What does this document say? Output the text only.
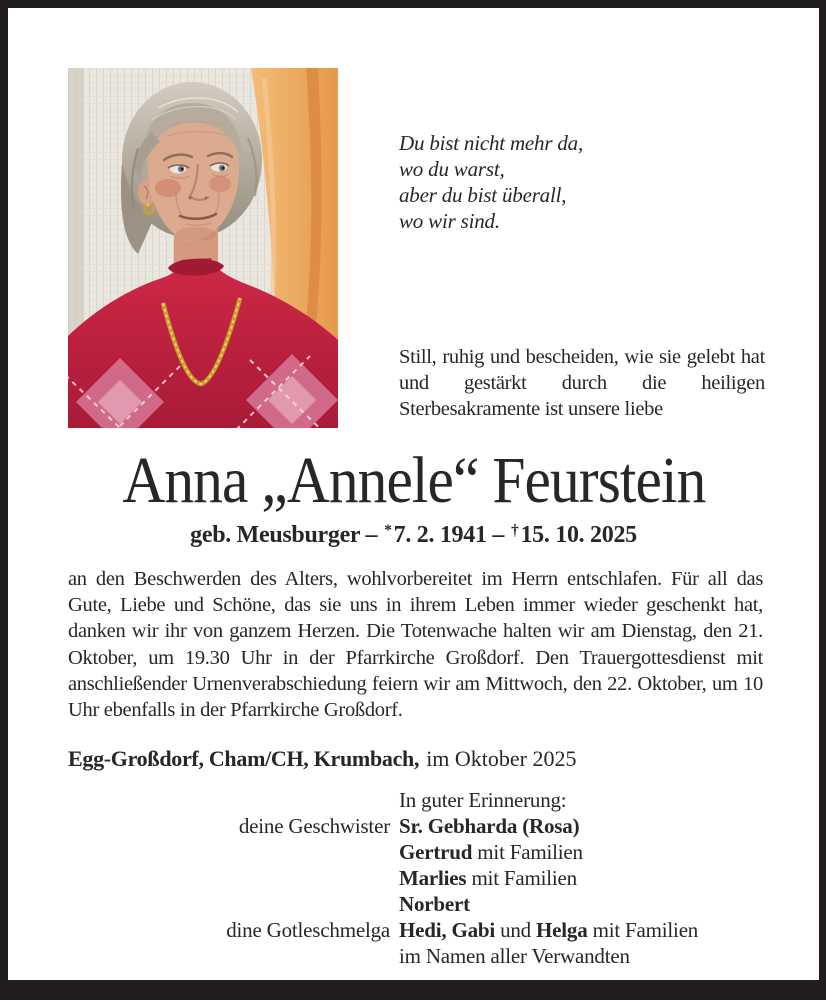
Du bist nicht mehr da,
wo du warst,
aber du bist überall,
wo wir sind.
Still, ruhig und bescheiden, wie sie gelebt hat und gestärkt durch die heiligen Sterbesakramente ist unsere liebe
Anna „Annele“ Feurstein
geb. Meusburger – *7. 2. 1941 – †15. 10. 2025
an den Beschwerden des Alters, wohlvorbereitet im Herrn entschlafen. Für all das Gute, Liebe und Schöne, das sie uns in ihrem Leben immer wieder geschenkt hat, danken wir ihr von ganzem Herzen. Die Totenwache halten wir am Dienstag, den 21. Oktober, um 19.30 Uhr in der Pfarrkirche Großdorf. Den Trauergottesdienst mit anschließender Urnenverabschiedung feiern wir am Mittwoch, den 22. Oktober, um 10 Uhr ebenfalls in der Pfarrkirche Großdorf.
Egg-Großdorf, Cham/CH, Krumbach, im Oktober 2025
In guter Erinnerung:
deine Geschwister Sr. Gebharda (Rosa)
Gertrud mit Familien
Marlies mit Familien
Norbert
dine Gotleschmelga Hedi, Gabi und Helga mit Familien
im Namen aller Verwandten
